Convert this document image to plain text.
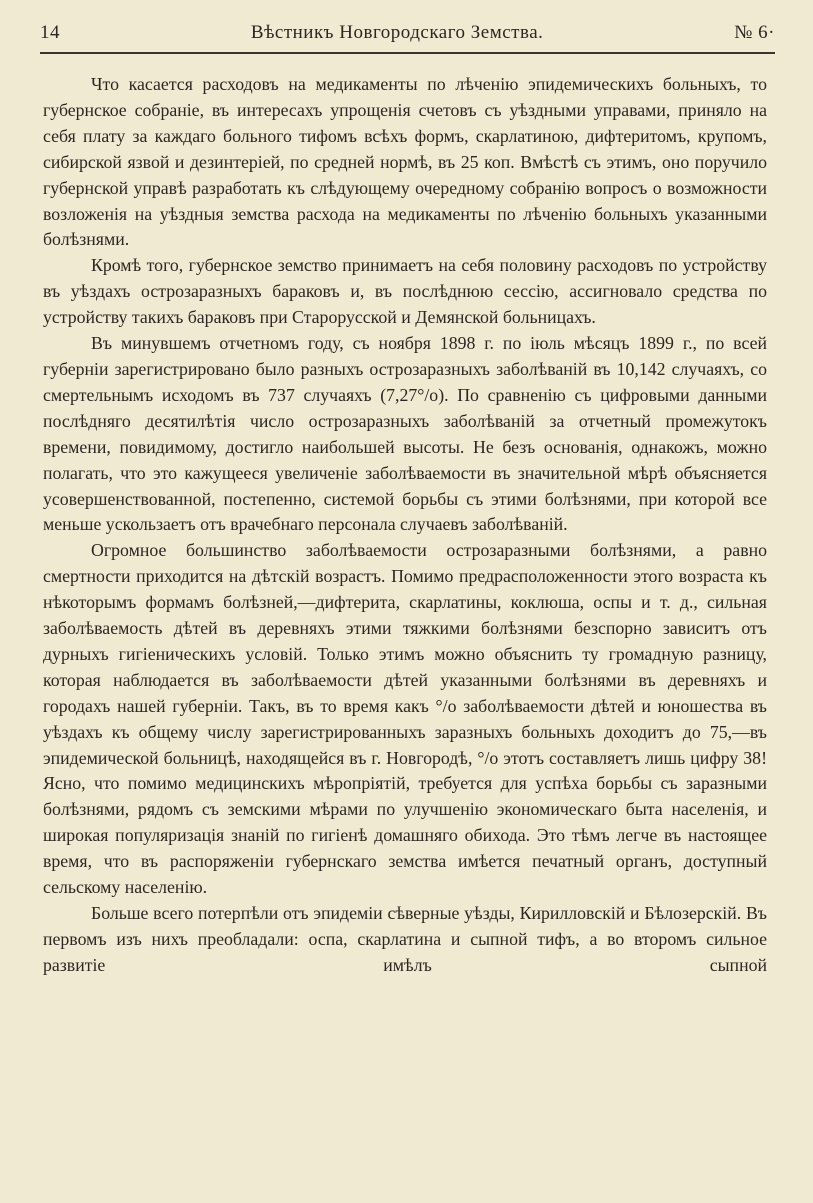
14	Вѣстникъ Новгородскаго Земства.	№ 6·

Что касается расходовъ на медикаменты по лѣченію эпидемическихъ больныхъ, то губернское собраніе, въ интересахъ упрощенія счетовъ съ уѣздными управами, приняло на себя плату за каждаго больного тифомъ всѣхъ формъ, скарлатиною, дифтеритомъ, крупомъ, сибирской язвой и дезинтеріей, по средней нормѣ, въ 25 коп. Вмѣстѣ съ этимъ, оно поручило губернской управѣ разработать къ слѣдующему очередному собранію вопросъ о возможности возложенія на уѣздныя земства расхода на медикаменты по лѣченію больныхъ указанными болѣзнями.

Кромѣ того, губернское земство принимаетъ на себя половину расходовъ по устройству въ уѣздахъ острозаразныхъ бараковъ и, въ послѣднюю сессію, ассигновало средства по устройству такихъ бараковъ при Старорусской и Демянской больницахъ.

Въ минувшемъ отчетномъ году, съ ноября 1898 г. по іюль мѣсяцъ 1899 г., по всей губерніи зарегистрировано было разныхъ острозаразныхъ заболѣваній въ 10,142 случаяхъ, со смертельнымъ исходомъ въ 737 случаяхъ (7,27°/о). По сравненію съ цифровыми данными послѣдняго десятилѣтія число острозаразныхъ заболѣваній за отчетный промежутокъ времени, повидимому, достигло наибольшей высоты. Не безъ основанія, однакожъ, можно полагать, что это кажущееся увеличеніе заболѣваемости въ значительной мѣрѣ объясняется усовершенствованной, постепенно, системой борьбы съ этими болѣзнями, при которой все меньше ускользаетъ отъ врачебнаго персонала случаевъ заболѣваній.

Огромное большинство заболѣваемости острозаразными болѣзнями, а равно смертности приходится на дѣтскій возрастъ. Помимо предрасположенности этого возраста къ нѣкоторымъ формамъ болѣзней,—дифтерита, скарлатины, коклюша, оспы и т. д., сильная заболѣваемость дѣтей въ деревняхъ этими тяжкими болѣзнями безспорно зависитъ отъ дурныхъ гигіеническихъ условій. Только этимъ можно объяснить ту громадную разницу, которая наблюдается въ заболѣваемости дѣтей указанными болѣзнями въ деревняхъ и городахъ нашей губерніи. Такъ, въ то время какъ °/о заболѣваемости дѣтей и юношества въ уѣздахъ къ общему числу зарегистрированныхъ заразныхъ больныхъ доходитъ до 75,—въ эпидемической больницѣ, находящейся въ г. Новгородѣ, °/о этотъ составляетъ лишь цифру 38! Ясно, что помимо медицинскихъ мѣропріятій, требуется для успѣха борьбы съ заразными болѣзнями, рядомъ съ земскими мѣрами по улучшенію экономическаго быта населенія, и широкая популяризація знаній по гигіенѣ домашняго обихода. Это тѣмъ легче въ настоящее время, что въ распоряженіи губернскаго земства имѣется печатный органъ, доступный сельскому населенію.

Больше всего потерпѣли отъ эпидеміи сѣверные уѣзды, Кирилловскій и Бѣлозерскій. Въ первомъ изъ нихъ преобладали: оспа, скарлатина и сыпной тифъ, а во второмъ сильное развитіе имѣлъ сыпной
